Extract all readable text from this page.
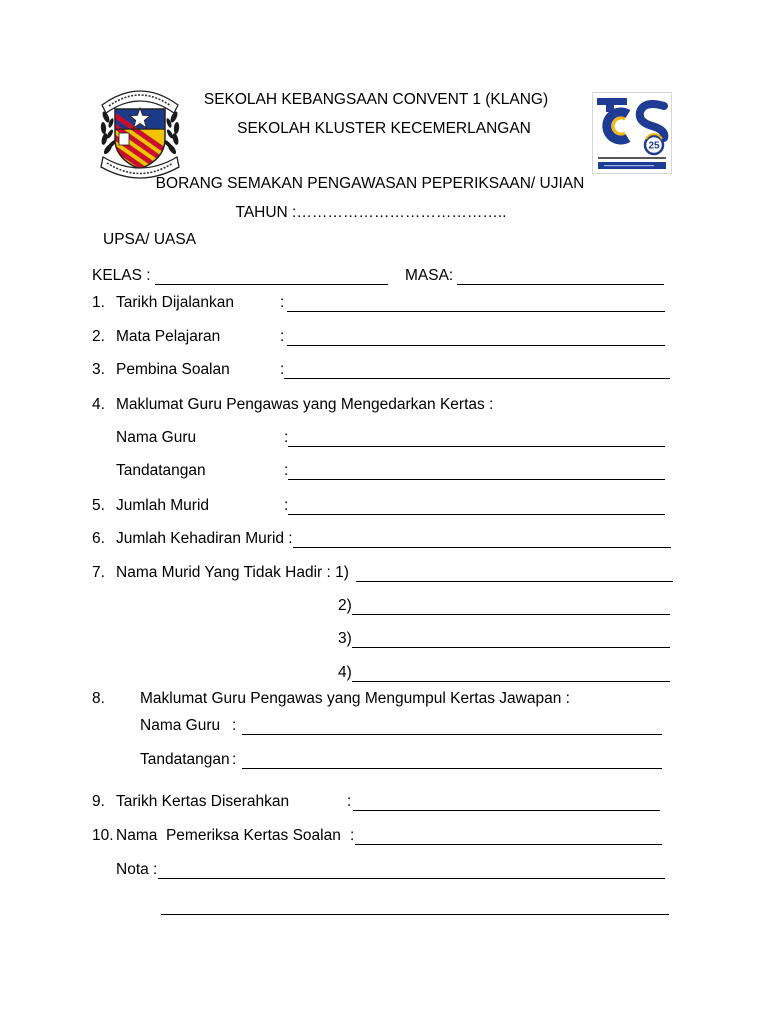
SEKOLAH KEBANGSAAN CONVENT 1 (KLANG)
SEKOLAH KLUSTER KECEMERLANGAN
25
BORANG SEMAKAN PENGAWASAN PEPERIKSAAN/ UJIAN
TAHUN :…………………………………..
UPSA/ UASA
KELAS :	MASA:
1. Tarikh Dijalankan	:
2. Mata Pelajaran	:
3. Pembina Soalan	:
4. Maklumat Guru Pengawas yang Mengedarkan Kertas :
Nama Guru	:
Tandatangan	:
5. Jumlah Murid	:
6. Jumlah Kehadiran Murid :
7. Nama Murid Yang Tidak Hadir : 1)
2)
3)
4)
8. Maklumat Guru Pengawas yang Mengumpul Kertas Jawapan :
Nama Guru :
Tandatangan :
9. Tarikh Kertas Diserahkan	:
10. Nama  Pemeriksa Kertas Soalan :
Nota :
